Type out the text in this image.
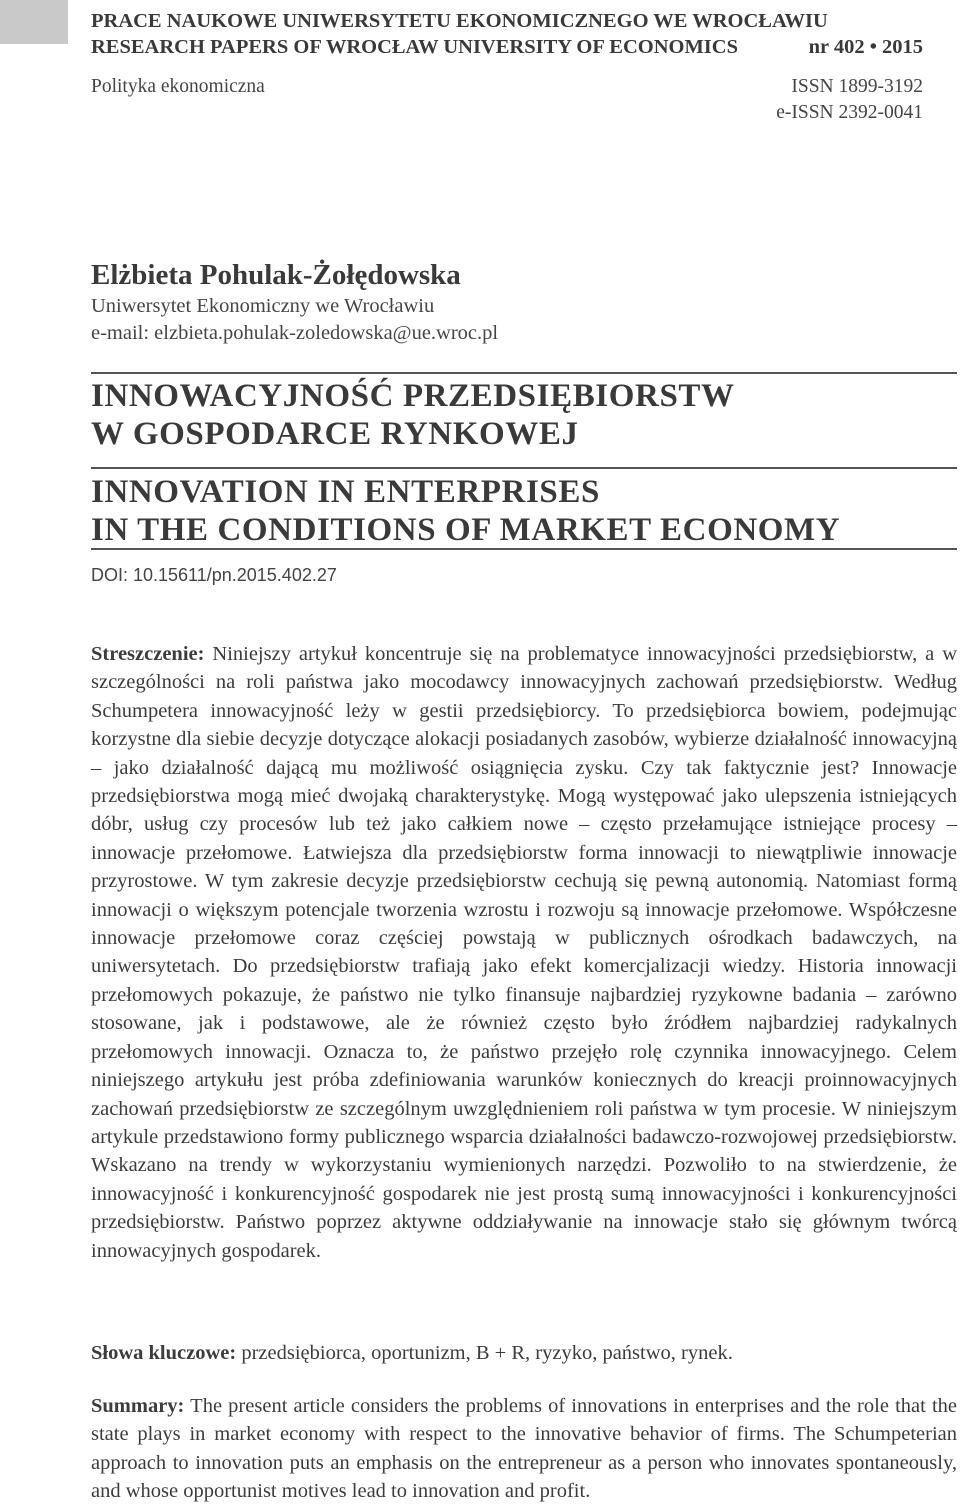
PRACE NAUKOWE UNIWERSYTETU EKONOMICZNEGO WE WROCŁAWIU
RESEARCH PAPERS OF WROCŁAW UNIVERSITY OF ECONOMICS	nr 402 • 2015
Polityka ekonomiczna	ISSN 1899-3192
e-ISSN 2392-0041
Elżbieta Pohulak-Żołędowska
Uniwersytet Ekonomiczny we Wrocławiu
e-mail: elzbieta.pohulak-zoledowska@ue.wroc.pl
INNOWACYJNOŚĆ PRZEDSIĘBIORSTW
W GOSPODARCE RYNKOWEJ
INNOVATION IN ENTERPRISES
IN THE CONDITIONS OF MARKET ECONOMY
DOI: 10.15611/pn.2015.402.27
Streszczenie: Niniejszy artykuł koncentruje się na problematyce innowacyjności przedsiębiorstw, a w szczególności na roli państwa jako mocodawcy innowacyjnych zachowań przedsiębiorstw. Według Schumpetera innowacyjność leży w gestii przedsiębiorcy. To przedsiębiorca bowiem, podejmując korzystne dla siebie decyzje dotyczące alokacji posiadanych zasobów, wybierze działalność innowacyjną – jako działalność dającą mu możliwość osiągnięcia zysku. Czy tak faktycznie jest? Innowacje przedsiębiorstwa mogą mieć dwojaką charakterystykę. Mogą występować jako ulepszenia istniejących dóbr, usług czy procesów lub też jako całkiem nowe – często przełamujące istniejące procesy – innowacje przełomowe. Łatwiejsza dla przedsiębiorstw forma innowacji to niewątpliwie innowacje przyrostowe. W tym zakresie decyzje przedsiębiorstw cechują się pewną autonomią. Natomiast formą innowacji o większym potencjale tworzenia wzrostu i rozwoju są innowacje przełomowe. Współczesne innowacje przełomowe coraz częściej powstają w publicznych ośrodkach badawczych, na uniwersytetach. Do przedsiębiorstw trafiają jako efekt komercjalizacji wiedzy. Historia innowacji przełomowych pokazuje, że państwo nie tylko finansuje najbardziej ryzykowne badania – zarówno stosowane, jak i podstawowe, ale że również często było źródłem najbardziej radykalnych przełomowych innowacji. Oznacza to, że państwo przejęło rolę czynnika innowacyjnego. Celem niniejszego artykułu jest próba zdefiniowania warunków koniecznych do kreacji proinnowacyjnych zachowań przedsiębiorstw ze szczególnym uwzględnieniem roli państwa w tym procesie. W niniejszym artykule przedstawiono formy publicznego wsparcia działalności badawczo-rozwojowej przedsiębiorstw. Wskazano na trendy w wykorzystaniu wymienionych narzędzi. Pozwoliło to na stwierdzenie, że innowacyjność i konkurencyjność gospodarek nie jest prostą sumą innowacyjności i konkurencyjności przedsiębiorstw. Państwo poprzez aktywne oddziaływanie na innowacje stało się głównym twórcą innowacyjnych gospodarek.
Słowa kluczowe: przedsiębiorca, oportunizm, B + R, ryzyko, państwo, rynek.
Summary: The present article considers the problems of innovations in enterprises and the role that the state plays in market economy with respect to the innovative behavior of firms. The Schumpeterian approach to innovation puts an emphasis on the entrepreneur as a person who innovates spontaneously, and whose opportunist motives lead to innovation and profit.
